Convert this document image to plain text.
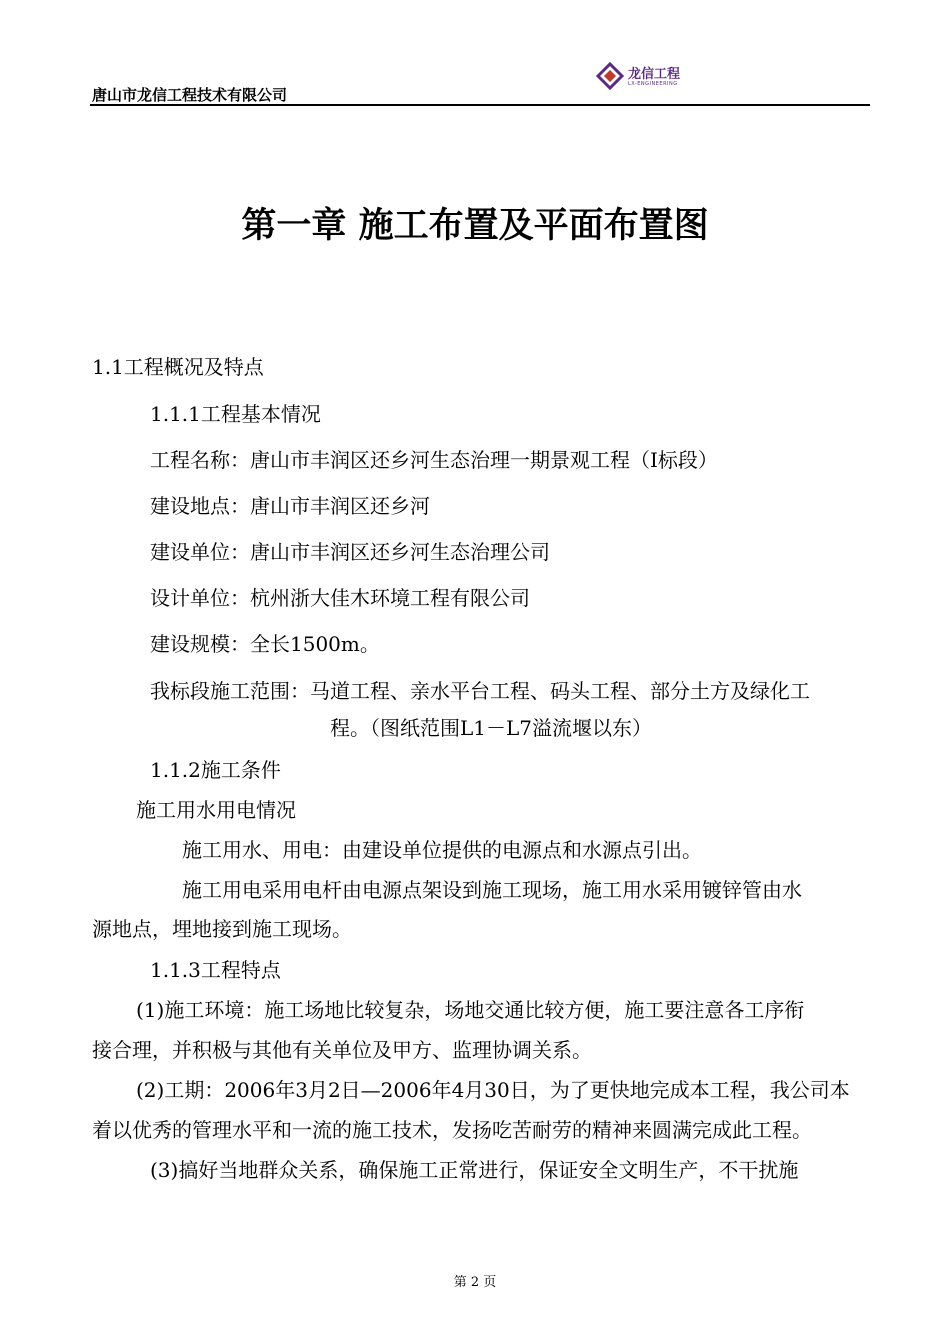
唐山市龙信工程技术有限公司
龙信工程
LX-ENGINEERING
第一章 施工布置及平面布置图
1.1工程概况及特点
1.1.1工程基本情况
工程名称：唐山市丰润区还乡河生态治理一期景观工程（Ⅰ标段）
建设地点：唐山市丰润区还乡河
建设单位：唐山市丰润区还乡河生态治理公司
设计单位：杭州浙大佳木环境工程有限公司
建设规模：全长1500m。
我标段施工范围：马道工程、亲水平台工程、码头工程、部分土方及绿化工
程。（图纸范围L1－L7溢流堰以东）
1.1.2施工条件
施工用水用电情况
施工用水、用电：由建设单位提供的电源点和水源点引出。
施工用电采用电杆由电源点架设到施工现场，施工用水采用镀锌管由水
源地点，埋地接到施工现场。
1.1.3工程特点
(1)施工环境：施工场地比较复杂，场地交通比较方便，施工要注意各工序衔
接合理，并积极与其他有关单位及甲方、监理协调关系。
(2)工期：2006年3月2日—2006年4月30日，为了更快地完成本工程，我公司本
着以优秀的管理水平和一流的施工技术，发扬吃苦耐劳的精神来圆满完成此工程。
(3)搞好当地群众关系，确保施工正常进行，保证安全文明生产，不干扰施
第 2 页
